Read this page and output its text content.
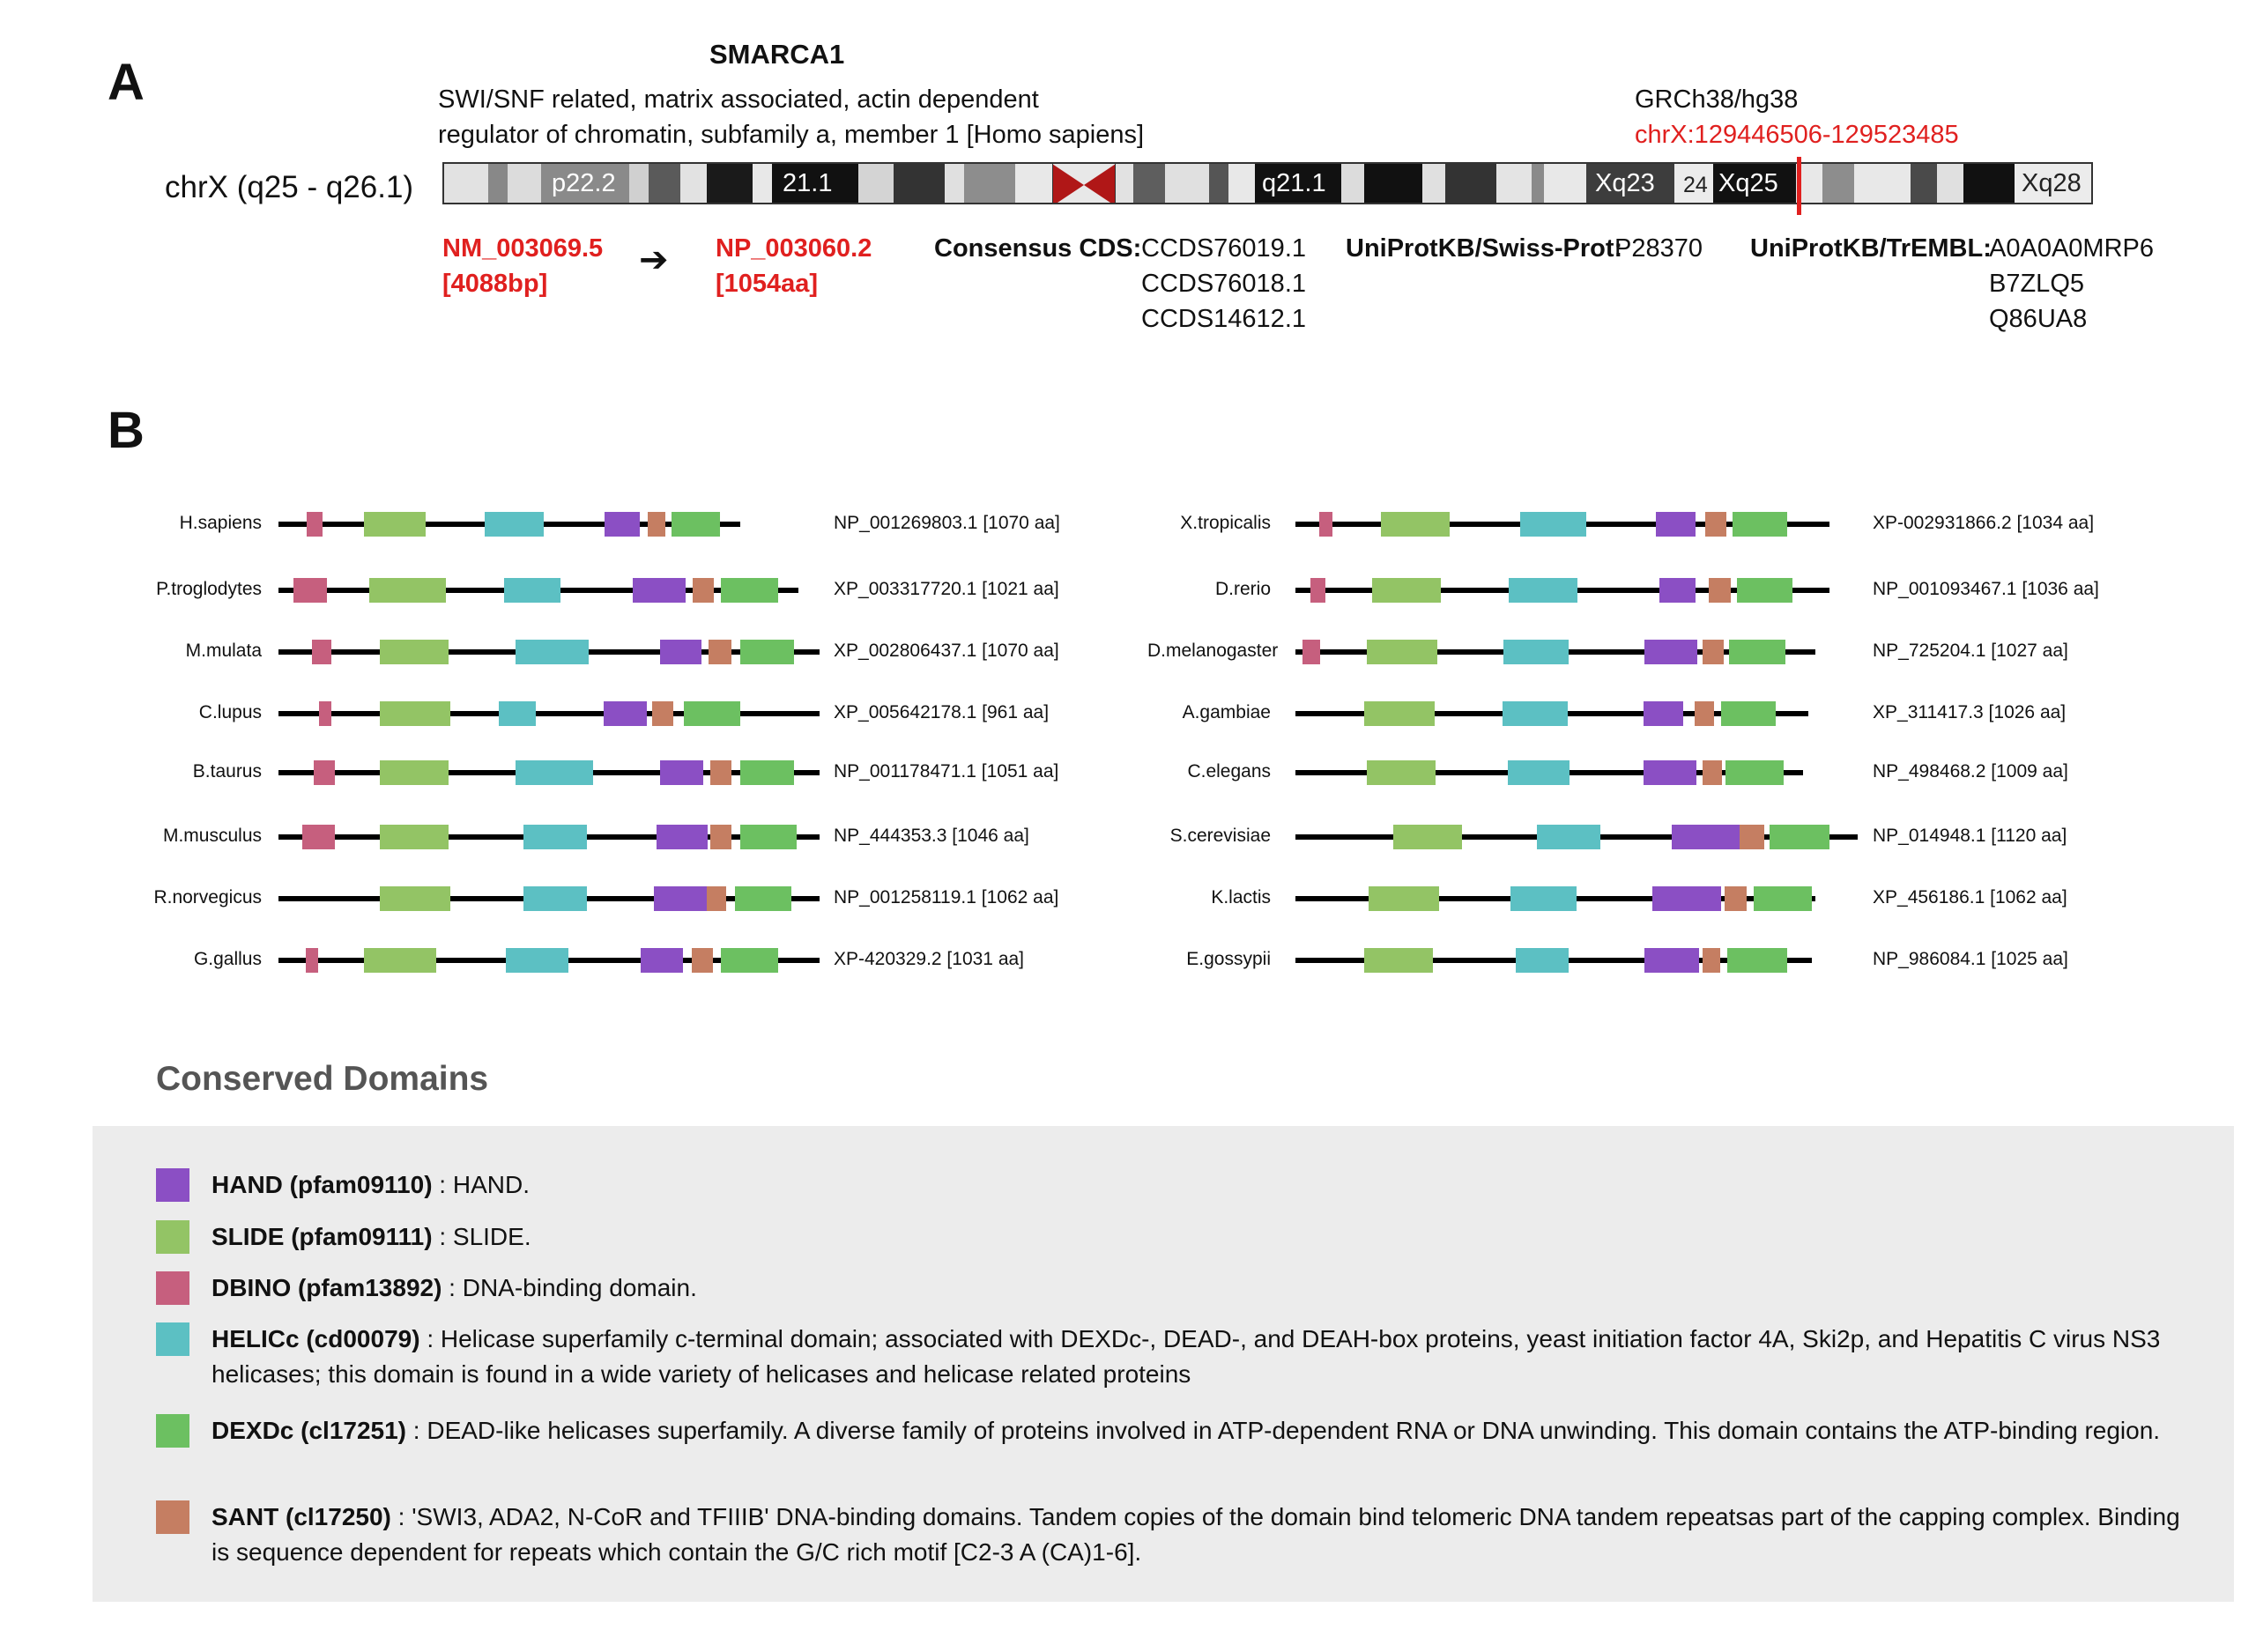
A	SMARCA1
SWI/SNF related, matrix associated, actin dependent
regulator of chromatin, subfamily a, member 1 [Homo sapiens]
GRCh38/hg38
chrX:129446506-129523485
chrX (q25 - q26.1)	p22.2	21.1	q21.1	Xq23 24 Xq25	Xq28
NM_003069.5
[4088bp]
➔ NP_003060.2
[1054aa]
Consensus CDS: CCDS76019.1
CCDS76018.1
CCDS14612.1
UniProtKB/Swiss-Prot:
P28370 UniProtKB/TrEMBL:
A0A0A0MRP6
B7ZLQ5
Q86UA8
B
H.sapiens	NP_001269803.1 [1070 aa]
P.troglodytes	XP_003317720.1 [1021 aa]
M.mulata	XP_002806437.1 [1070 aa]
C.lupus	XP_005642178.1 [961 aa]
B.taurus	NP_001178471.1 [1051 aa]
M.musculus	NP_444353.3 [1046 aa]
R.norvegicus	NP_001258119.1 [1062 aa]
G.gallus	XP-420329.2 [1031 aa]
X.tropicalis	XP-002931866.2 [1034 aa]
D.rerio	NP_001093467.1 [1036 aa]
D.melanogaster	NP_725204.1 [1027 aa]
A.gambiae	XP_311417.3 [1026 aa]
C.elegans	NP_498468.2 [1009 aa]
S.cerevisiae	NP_014948.1 [1120 aa]
K.lactis	XP_456186.1 [1062 aa]
E.gossypii	NP_986084.1 [1025 aa]
Conserved Domains
HAND (pfam09110) : HAND.
SLIDE (pfam09111) : SLIDE.
DBINO (pfam13892) : DNA-binding domain.
HELICc (cd00079) : Helicase superfamily c-terminal domain; associated with DEXDc-, DEAD-, and DEAH-box proteins, yeast initiation factor 4A, Ski2p, and Hepatitis C virus NS3 helicases; this domain is found in a wide variety of helicases and helicase related proteins
DEXDc (cl17251) : DEAD-like helicases superfamily. A diverse family of proteins involved in ATP-dependent RNA or DNA unwinding. This domain contains the ATP-binding region.
SANT (cl17250) : 'SWI3, ADA2, N-CoR and TFIIIB' DNA-binding domains. Tandem copies of the domain bind telomeric DNA tandem repeatsas part of the capping complex. Binding is sequence dependent for repeats which contain the G/C rich motif [C2-3 A (CA)1-6].
